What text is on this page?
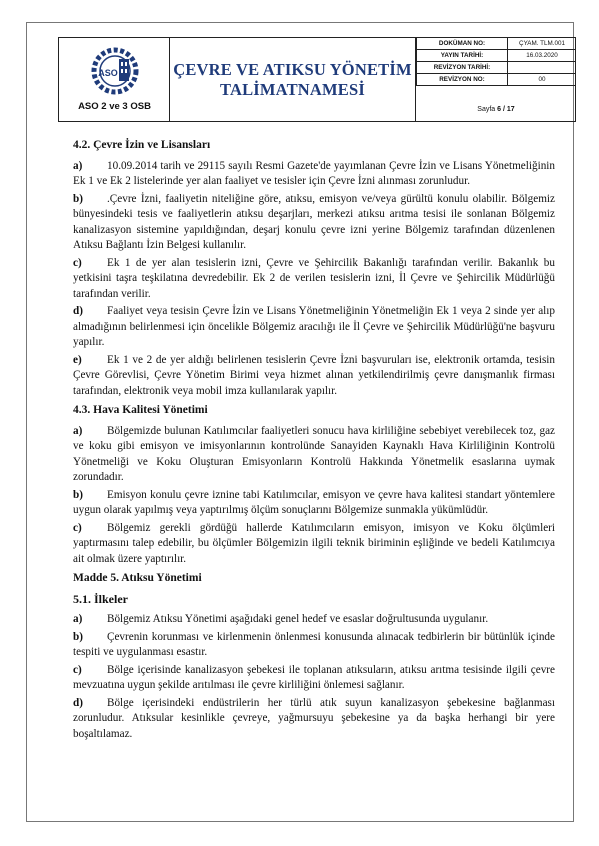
ASO
ASO 2 ve 3 OSB
ÇEVRE VE ATIKSU YÖNETİM
TALİMATNAMESİ
DOKÜMAN NO:	ÇYAM. TLM.001
YAYIN TARİHİ:	16.03.2020
REVİZYON TARİHİ:	
REVİZYON NO:	00
Sayfa
6
/
17
4.2. Çevre İzin ve Lisansları

a) 10.09.2014 tarih ve 29115 sayılı Resmi Gazete'de yayımlanan Çevre İzin ve Lisans Yönetmeliğinin Ek 1 ve Ek 2 listelerinde yer alan faaliyet ve tesisler için Çevre İzni alınması zorunludur.

b) .Çevre İzni, faaliyetin niteliğine göre, atıksu, emisyon ve/veya gürültü konulu olabilir. Bölgemiz bünyesindeki tesis ve faaliyetlerin atıksu deşarjları, merkezi atıksu arıtma tesisi ile sonlanan Bölgemiz kanalizasyon sistemine yapıldığından, deşarj konulu çevre izni yerine Bölgemiz tarafından düzenlenen Atıksu Bağlantı İzin Belgesi kullanılır.

c) Ek 1 de yer alan tesislerin izni, Çevre ve Şehircilik Bakanlığı tarafından verilir. Bakanlık bu yetkisini taşra teşkilatına devredebilir. Ek 2 de verilen tesislerin izni, İl Çevre ve Şehircilik Müdürlüğü tarafından verilir.

d) Faaliyet veya tesisin Çevre İzin ve Lisans Yönetmeliğinin Yönetmeliğin Ek 1 veya 2 sinde yer alıp almadığının belirlenmesi için öncelikle Bölgemiz aracılığı ile İl Çevre ve Şehircilik Müdürlüğü'ne başvuru yapılır.

e) Ek 1 ve 2 de yer aldığı belirlenen tesislerin Çevre İzni başvuruları ise, elektronik ortamda, tesisin Çevre Görevlisi, Çevre Yönetim Birimi veya hizmet alınan yetkilendirilmiş çevre danışmanlık firması tarafından, elektronik veya mobil imza kullanılarak yapılır.

4.3. Hava Kalitesi Yönetimi

a) Bölgemizde bulunan Katılımcılar faaliyetleri sonucu hava kirliliğine sebebiyet verebilecek toz, gaz ve koku gibi emisyon ve imisyonlarının kontrolünde Sanayiden Kaynaklı Hava Kirliliğinin Kontrolü Yönetmeliği ve Koku Oluşturan Emisyonların Kontrolü Hakkında Yönetmelik esaslarına uymak zorundadır.

b) Emisyon konulu çevre iznine tabi Katılımcılar, emisyon ve çevre hava kalitesi standart yöntemlere uygun olarak yapılmış veya yaptırılmış ölçüm sonuçlarını Bölgemize sunmakla yükümlüdür.

c) Bölgemiz gerekli gördüğü hallerde Katılımcıların emisyon, imisyon ve Koku ölçümleri yaptırmasını talep edebilir, bu ölçümler Bölgemizin ilgili teknik biriminin eşliğinde ve bedeli Katılımcıya ait olmak üzere yaptırılır.

Madde 5. Atıksu Yönetimi
5.1. İlkeler

a) Bölgemiz Atıksu Yönetimi aşağıdaki genel hedef ve esaslar doğrultusunda uygulanır.

b) Çevrenin korunması ve kirlenmenin önlenmesi konusunda alınacak tedbirlerin bir bütünlük içinde tespiti ve uygulanması esastır.

c) Bölge içerisinde kanalizasyon şebekesi ile toplanan atıksuların, atıksu arıtma tesisinde ilgili çevre mevzuatına uygun şekilde arıtılması ile çevre kirliliğini önlemesi sağlanır.

d) Bölge içerisindeki endüstrilerin her türlü atık suyun kanalizasyon şebekesine bağlanması zorunludur. Atıksular kesinlikle çevreye, yağmursuyu şebekesine ya da başka herhangi bir yere boşaltılamaz.
